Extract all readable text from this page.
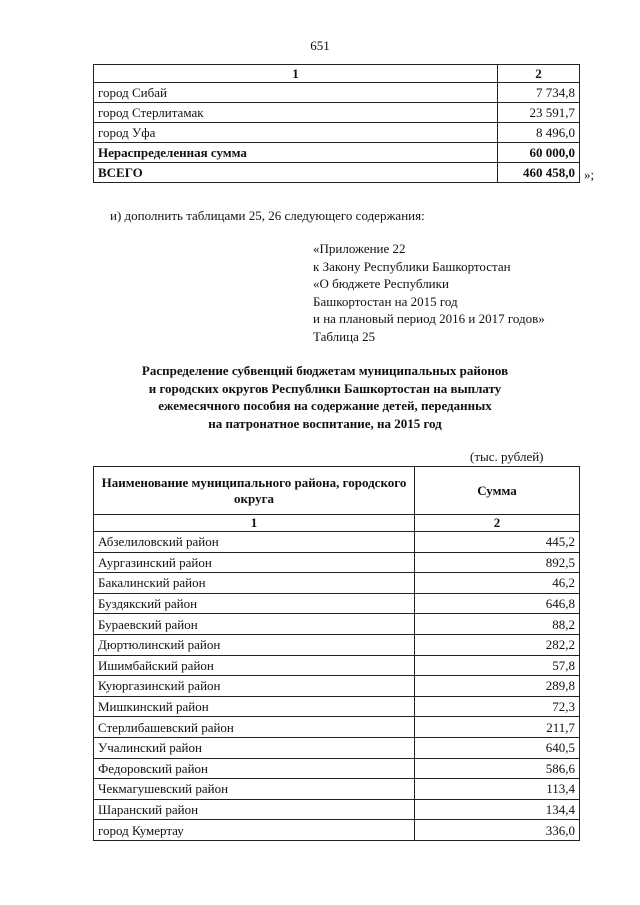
651
1	2
город Сибай	7 734,8
город Стерлитамак	23 591,7
город Уфа	8 496,0
Нераспределенная сумма	60 000,0
ВСЕГО	460 458,0 »;
и) дополнить таблицами 25, 26 следующего содержания:
«Приложение 22
к Закону Республики Башкортостан
«О бюджете Республики
Башкортостан на 2015 год
и на плановый период 2016 и 2017 годов»
Таблица 25
Распределение субвенций бюджетам муниципальных районов
и городских округов Республики Башкортостан на выплату
ежемесячного пособия на содержание детей, переданных
на патронатное воспитание, на 2015 год
(тыс. рублей)
Наименование муниципального района, городского округа	Сумма
1	2
Абзелиловский район	445,2
Аургазинский район	892,5
Бакалинский район	46,2
Буздякский район	646,8
Бураевский район	88,2
Дюртюлинский район	282,2
Ишимбайский район	57,8
Куюргазинский район	289,8
Мишкинский район	72,3
Стерлибашевский район	211,7
Учалинский район	640,5
Федоровский район	586,6
Чекмагушевский район	113,4
Шаранский район	134,4
город Кумертау	336,0
